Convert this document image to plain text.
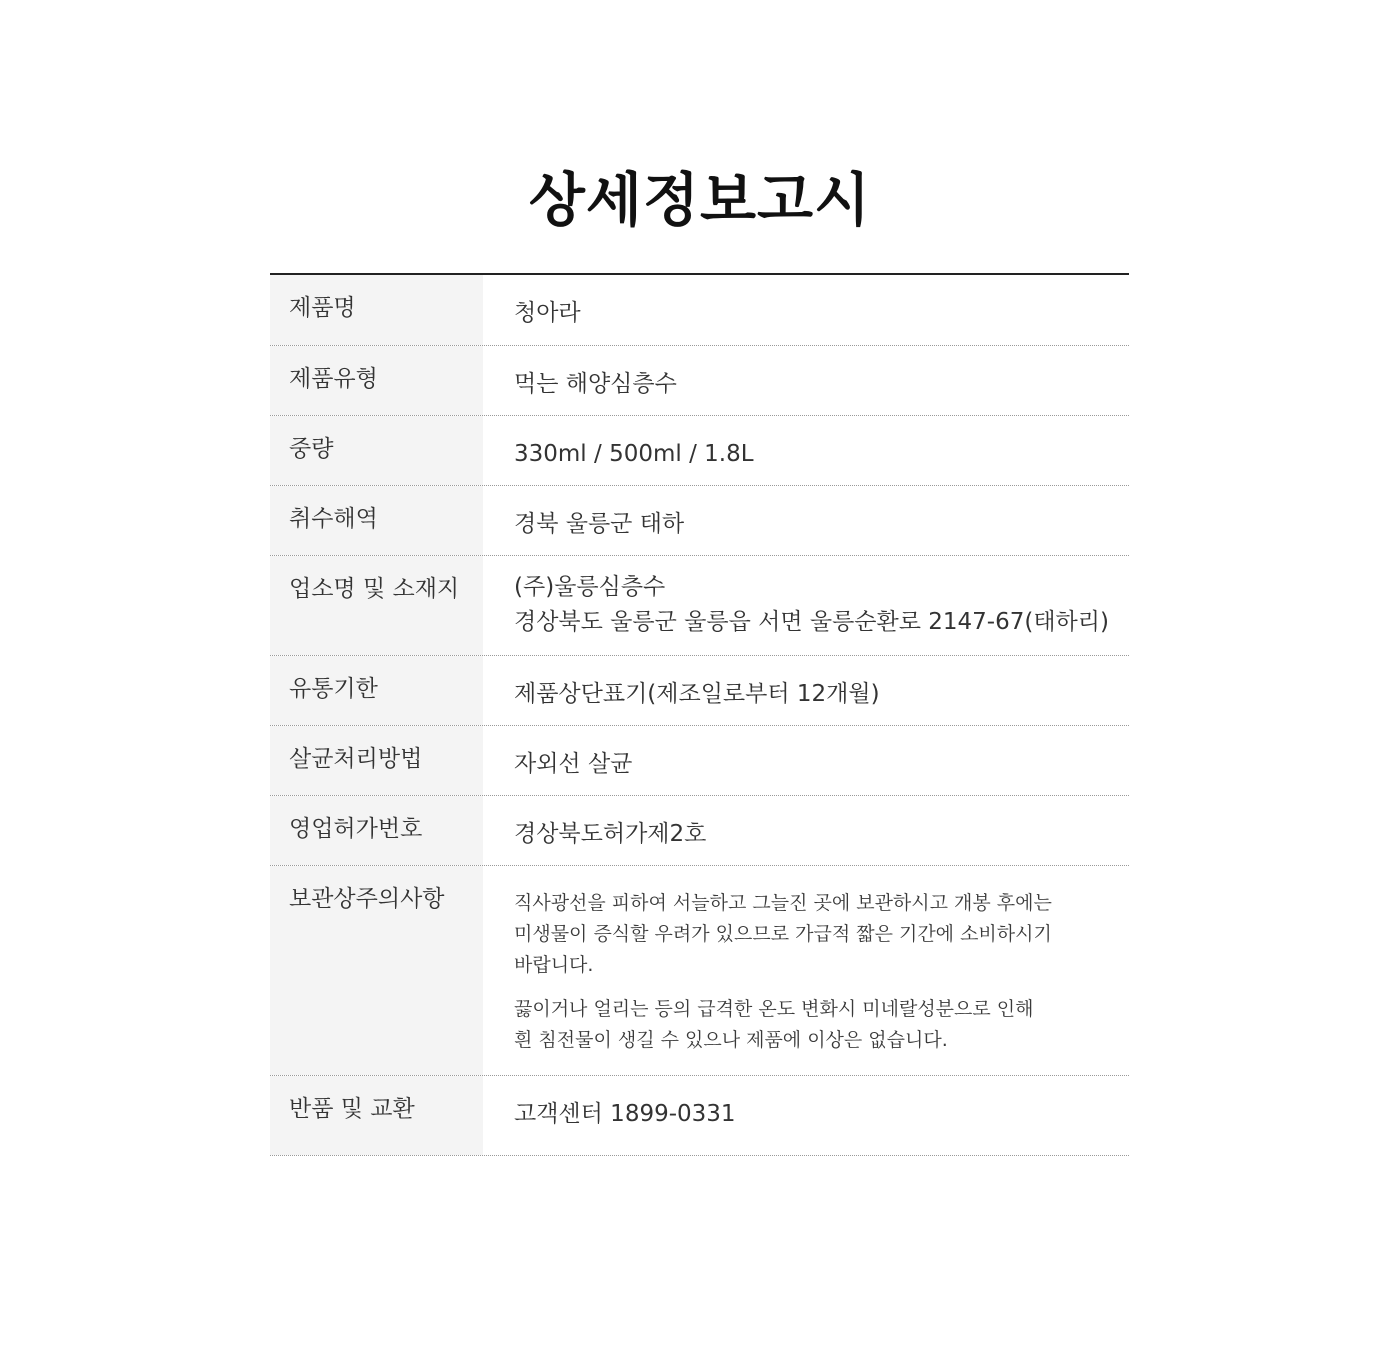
상세정보고시
제품명	청아라
제품유형	먹는 해양심층수
중량	330ml / 500ml / 1.8L
취수해역	경북 울릉군 태하
업소명 및 소재지	(주)울릉심층수
경상북도 울릉군 울릉읍 서면 울릉순환로 2147-67(태하리)
유통기한	제품상단표기(제조일로부터 12개월)
살균처리방법	자외선 살균
영업허가번호	경상북도허가제2호
보관상주의사항	직사광선을 피하여 서늘하고 그늘진 곳에 보관하시고 개봉 후에는
미생물이 증식할 우려가 있으므로 가급적 짧은 기간에 소비하시기
바랍니다.
끓이거나 얼리는 등의 급격한 온도 변화시 미네랄성분으로 인해
흰 침전물이 생길 수 있으나 제품에 이상은 없습니다.
반품 및 교환	고객센터 1899-0331
